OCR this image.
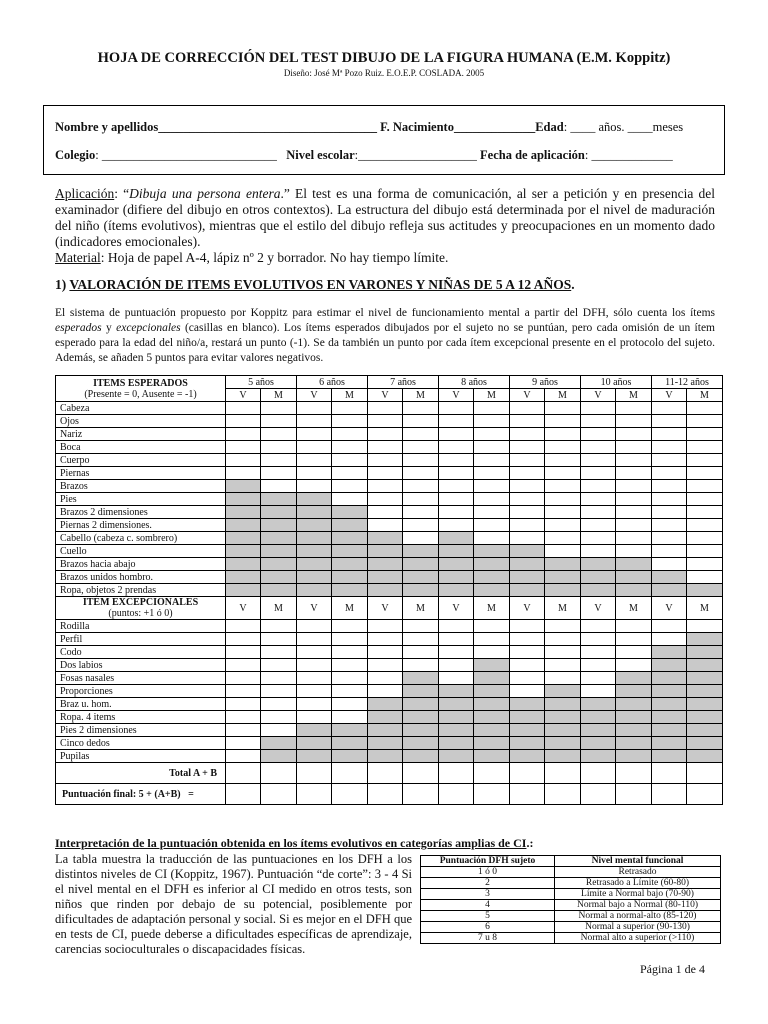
HOJA DE CORRECCIÓN DEL TEST DIBUJO DE LA FIGURA HUMANA (E.M. Koppitz)
Diseño: José Mª Pozo Ruiz. E.O.E.P. COSLADA. 2005
Nombre y apellidos___________________________________ F. Nacimiento_____________Edad: ____ años. ____meses
Colegio: ____________________________ Nivel escolar:___________________ Fecha de aplicación: _____________
Aplicación: “Dibuja una persona entera.” El test es una forma de comunicación, al ser a petición y en presencia del examinador (difiere del dibujo en otros contextos). La estructura del dibujo está determinada por el nivel de maduración del niño (ítems evolutivos), mientras que el estilo del dibujo refleja sus actitudes y preocupaciones en un momento dado (indicadores emocionales).
Material: Hoja de papel A-4, lápiz nº 2 y borrador. No hay tiempo límite.
1) VALORACIÓN DE ITEMS EVOLUTIVOS EN VARONES Y NIÑAS DE 5 A 12 AÑOS.
El sistema de puntuación propuesto por Koppitz para estimar el nivel de funcionamiento mental a partir del DFH, sólo cuenta los ítems esperados y excepcionales (casillas en blanco). Los ítems esperados dibujados por el sujeto no se puntúan, pero cada omisión de un ítem esperado para la edad del niño/a, restará un punto (-1). Se da también un punto por cada ítem excepcional presente en el protocolo del sujeto. Además, se añaden 5 puntos para evitar valores negativos.
ITEMS ESPERADOS
(Presente = 0, Ausente = -1)	5 años		6 años		7 años		8 años		9 años		10 años		11-12 años	
	V	M	V	M	V	M	V	M	V	M	V	M	V	M
Cabeza														
Ojos														
Nariz														
Boca														
Cuerpo														
Piernas														
Brazos														
Pies														
Brazos 2 dimensiones														
Piernas 2 dimensiones.														
Cabello (cabeza c. sombrero)														
Cuello														
Brazos hacia abajo														
Brazos unidos hombro.														
Ropa, objetos 2 prendas														

ITEM EXCEPCIONALES
(puntos: +1 ó 0)	V	M	V	M	V	M	V	M	V	M	V	M	V	M
Rodilla														
Perfil														
Codo														
Dos labios														
Fosas nasales														
Proporciones														
Braz u. hom.														
Ropa. 4 items														
Pies 2 dimensiones														
Cinco dedos														
Pupilas														
Total A + B														
Puntuación final: 5 + (A+B)   =														
Interpretación de la puntuación obtenida en los ítems evolutivos en categorías amplias de CI.:
La tabla muestra la traducción de las puntuaciones en los DFH a los distintos niveles de CI (Koppitz, 1967). Puntuación “de corte”: 3 - 4 Si el nivel mental en el DFH es inferior al CI medido en otros tests, son niños que rinden por debajo de su potencial, posiblemente por dificultades de adaptación personal y social. Si es mejor en el DFH que en tests de CI, puede deberse a dificultades específicas de aprendizaje, carencias socioculturales o discapacidades físicas.
Puntuación DFH sujeto	Nivel mental funcional
1 ó 0	Retrasado
2	Retrasado a Límite (60-80)
3	Límite a Normal bajo (70-90)
4	Normal bajo a Normal (80-110)
5	Normal a normal-alto (85-120)
6	Normal a superior (90-130)
7 u 8	Normal alto a superior (>110)
Página 1 de 4
